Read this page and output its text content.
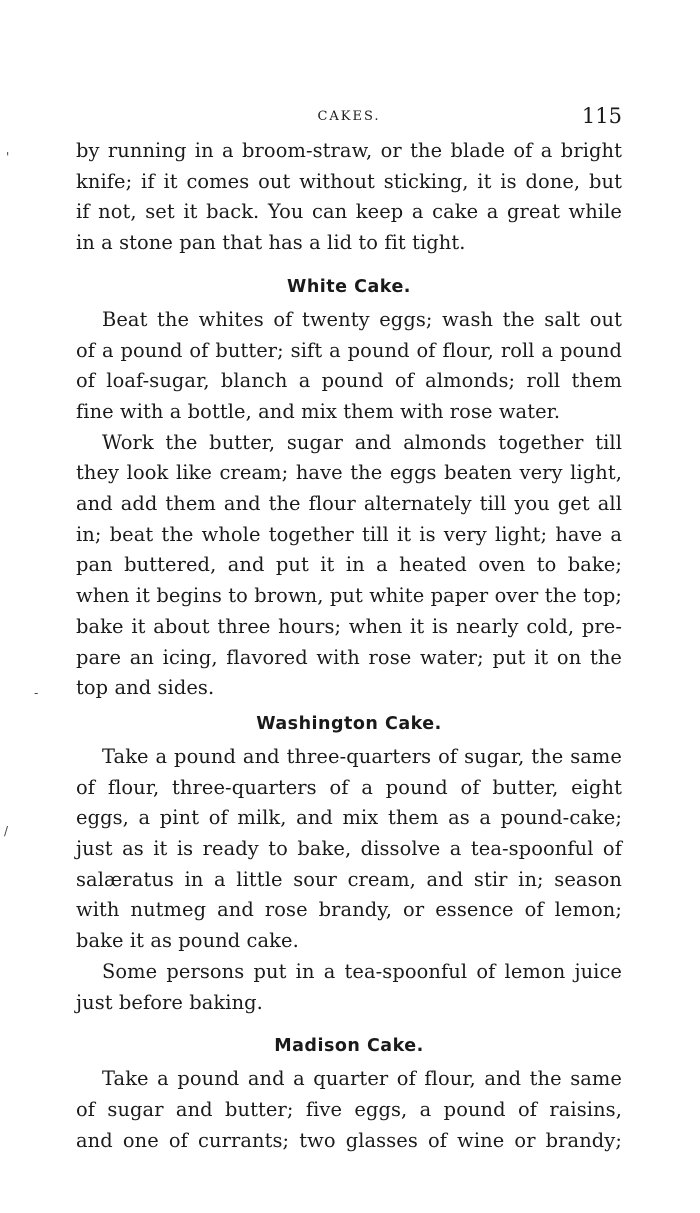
'
-
/
CAKES.	115

by running in a broom-straw, or the blade of a bright

knife; if it comes out without sticking, it is done, but

if not, set it back. You can keep a cake a great while

in a stone pan that has a lid to fit tight.

White Cake.

Beat the whites of twenty eggs; wash the salt out

of a pound of butter; sift a pound of flour, roll a pound

of loaf-sugar, blanch a pound of almonds; roll them

fine with a bottle, and mix them with rose water.

Work the butter, sugar and almonds together till

they look like cream; have the eggs beaten very light,

and add them and the flour alternately till you get all

in; beat the whole together till it is very light; have a

pan buttered, and put it in a heated oven to bake;

when it begins to brown, put white paper over the top;

bake it about three hours; when it is nearly cold, pre-

pare an icing, flavored with rose water; put it on the

top and sides.

Washington Cake.

Take a pound and three-quarters of sugar, the same

of flour, three-quarters of a pound of butter, eight

eggs, a pint of milk, and mix them as a pound-cake;

just as it is ready to bake, dissolve a tea-spoonful of

salæratus in a little sour cream, and stir in; season

with nutmeg and rose brandy, or essence of lemon;

bake it as pound cake.

Some persons put in a tea-spoonful of lemon juice

just before baking.

Madison Cake.

Take a pound and a quarter of flour, and the same

of sugar and butter; five eggs, a pound of raisins,

and one of currants; two glasses of wine or brandy;
